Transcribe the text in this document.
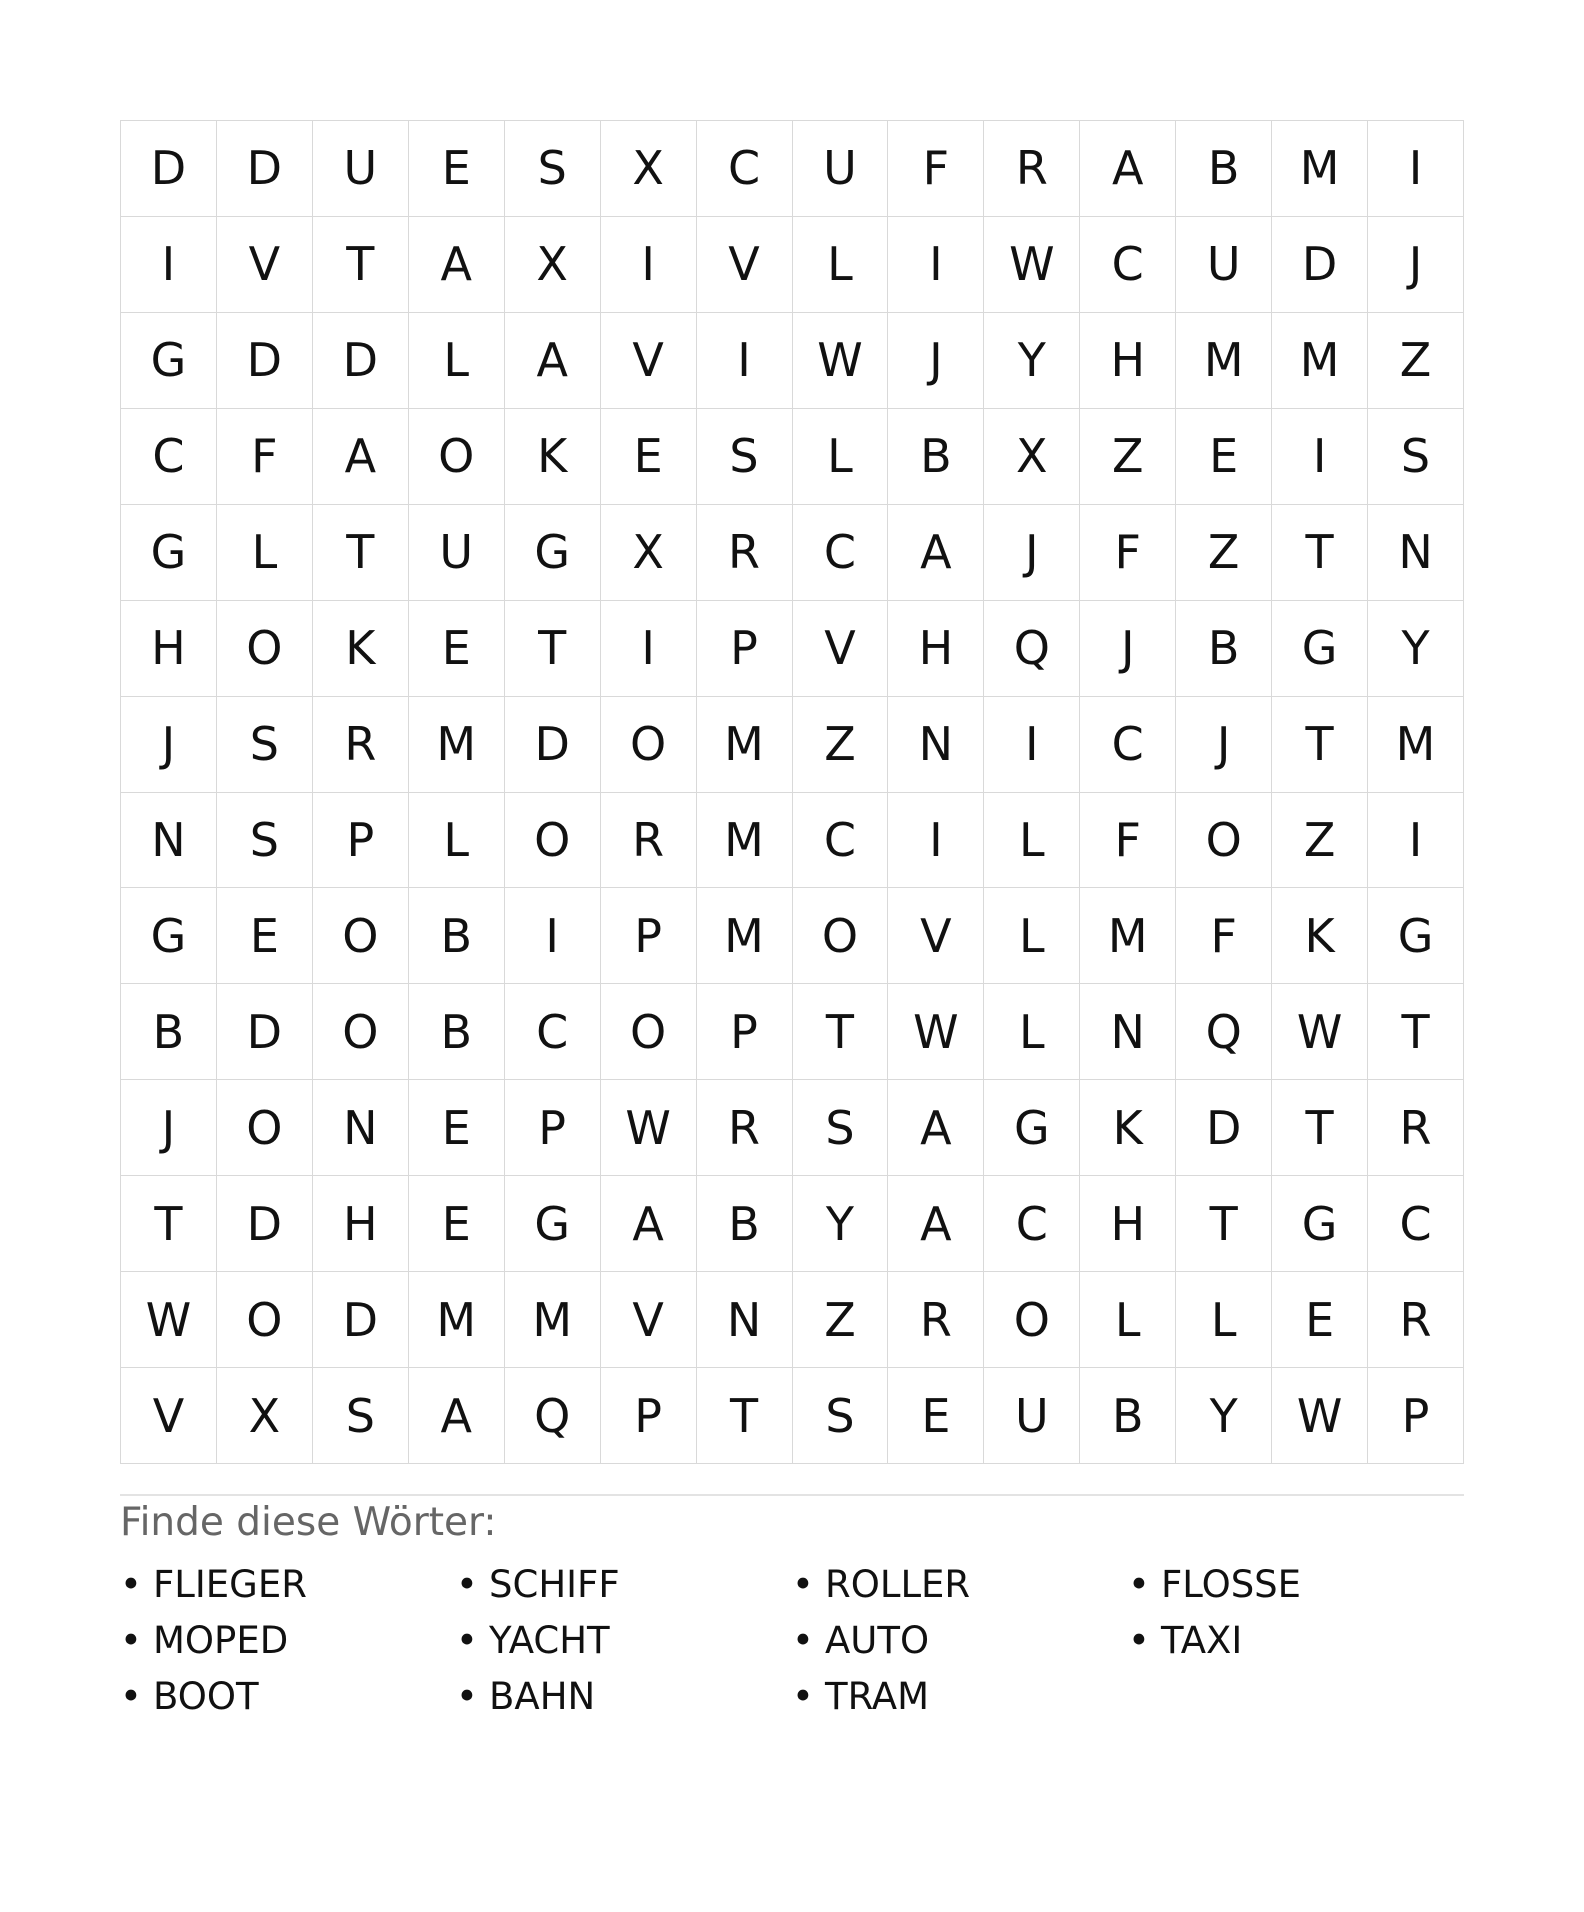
D	D	U	E	S	X	C	U	F	R	A	B	M	I
I	V	T	A	X	I	V	L	I	W	C	U	D	J
G	D	D	L	A	V	I	W	J	Y	H	M	M	Z
C	F	A	O	K	E	S	L	B	X	Z	E	I	S
G	L	T	U	G	X	R	C	A	J	F	Z	T	N
H	O	K	E	T	I	P	V	H	Q	J	B	G	Y
J	S	R	M	D	O	M	Z	N	I	C	J	T	M
N	S	P	L	O	R	M	C	I	L	F	O	Z	I
G	E	O	B	I	P	M	O	V	L	M	F	K	G
B	D	O	B	C	O	P	T	W	L	N	Q	W	T
J	O	N	E	P	W	R	S	A	G	K	D	T	R
T	D	H	E	G	A	B	Y	A	C	H	T	G	C
W	O	D	M	M	V	N	Z	R	O	L	L	E	R
V	X	S	A	Q	P	T	S	E	U	B	Y	W	P
Finde diese Wörter:
• FLIEGER	• SCHIFF	• ROLLER	• FLOSSE
• MOPED	• YACHT	• AUTO	• TAXI
• BOOT	• BAHN	• TRAM
